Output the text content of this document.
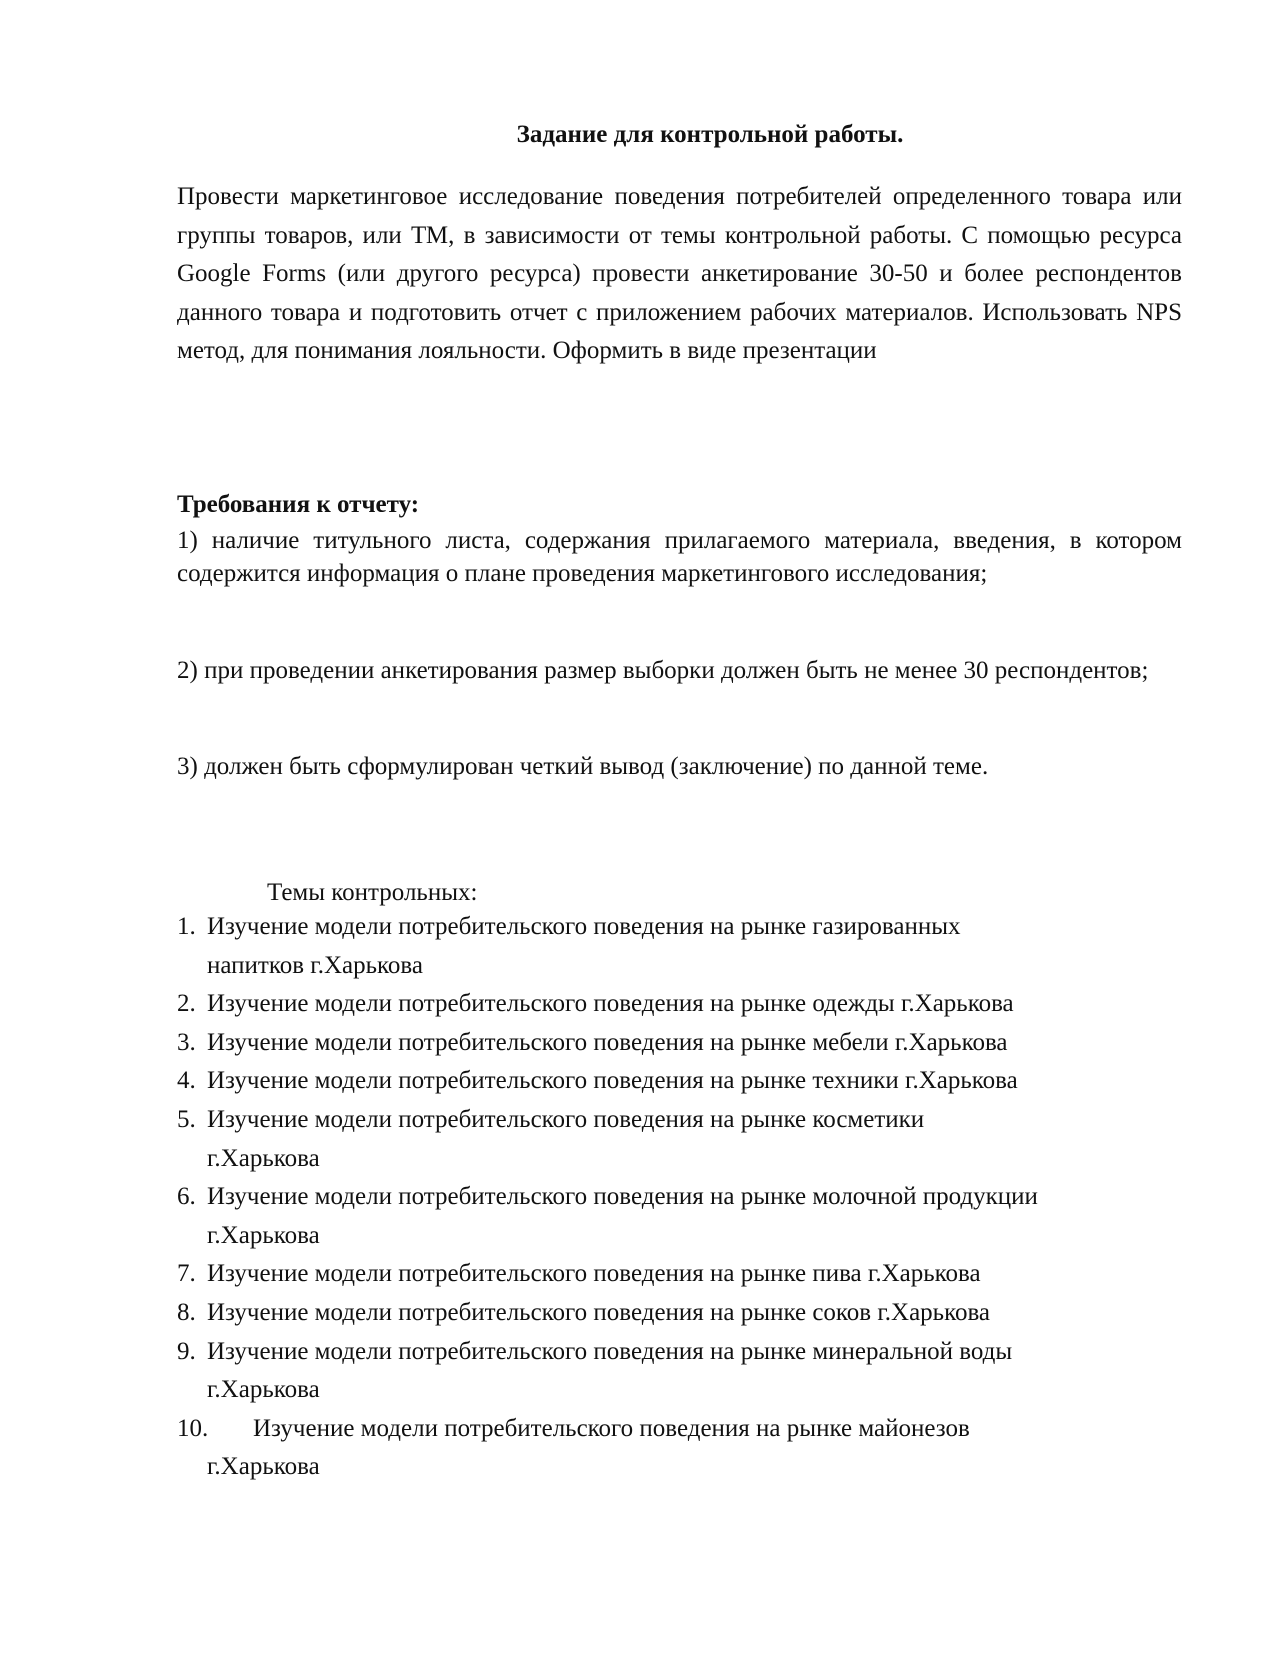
Задание для контрольной работы.

Провести маркетинговое исследование поведения потребителей определенного товара или группы товаров, или ТМ, в зависимости от темы контрольной работы. С помощью ресурса Google Forms (или другого ресурса) провести анкетирование 30-50 и более респондентов данного товара и подготовить отчет с приложением рабочих материалов. Использовать NPS метод, для понимания лояльности. Оформить в виде презентации

Требования к отчету:

1) наличие титульного листа, содержания прилагаемого материала, введения, в котором содержится информация о плане проведения маркетингового исследования;

2) при проведении анкетирования размер выборки должен быть не менее 30 респондентов;

3) должен быть сформулирован четкий вывод (заключение) по данной теме.

Темы контрольных:
1. Изучение модели потребительского поведения на рынке газированных
напитков г.Харькова
2. Изучение модели потребительского поведения на рынке одежды г.Харькова
3. Изучение модели потребительского поведения на рынке мебели г.Харькова
4. Изучение модели потребительского поведения на рынке техники г.Харькова
5. Изучение модели потребительского поведения на рынке косметики
г.Харькова
6. Изучение модели потребительского поведения на рынке молочной продукции
г.Харькова
7. Изучение модели потребительского поведения на рынке пива г.Харькова
8. Изучение модели потребительского поведения на рынке соков г.Харькова
9. Изучение модели потребительского поведения на рынке минеральной воды
г.Харькова
10. Изучение модели потребительского поведения на рынке майонезов
г.Харькова
